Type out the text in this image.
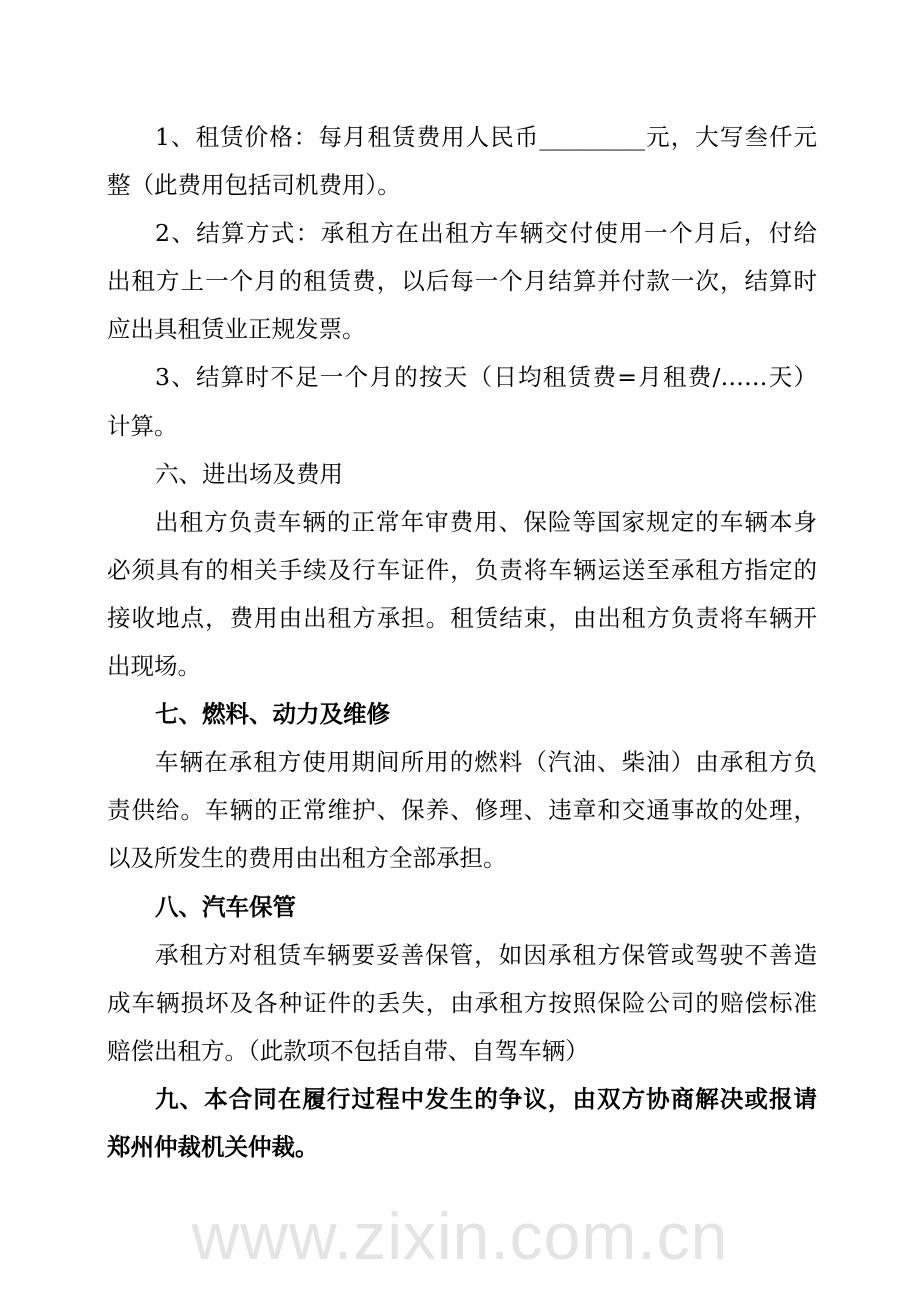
www.zixin.com.cn
1、租赁价格：每月租赁费用人民币_________元，大写叁仟元
整（此费用包括司机费用）。
2、结算方式：承租方在出租方车辆交付使用一个月后，付给
出租方上一个月的租赁费，以后每一个月结算并付款一次，结算时
应出具租赁业正规发票。
3、结算时不足一个月的按天（日均租赁费=月租费/……天）
计算。
六、进出场及费用
出租方负责车辆的正常年审费用、保险等国家规定的车辆本身
必须具有的相关手续及行车证件，负责将车辆运送至承租方指定的
接收地点，费用由出租方承担。租赁结束，由出租方负责将车辆开
出现场。
七、燃料、动力及维修
车辆在承租方使用期间所用的燃料（汽油、柴油）由承租方负
责供给。车辆的正常维护、保养、修理、违章和交通事故的处理，
以及所发生的费用由出租方全部承担。
八、汽车保管
承租方对租赁车辆要妥善保管，如因承租方保管或驾驶不善造
成车辆损坏及各种证件的丢失，由承租方按照保险公司的赔偿标准
赔偿出租方。（此款项不包括自带、自驾车辆）
九、本合同在履行过程中发生的争议，由双方协商解决或报请
郑州仲裁机关仲裁。
